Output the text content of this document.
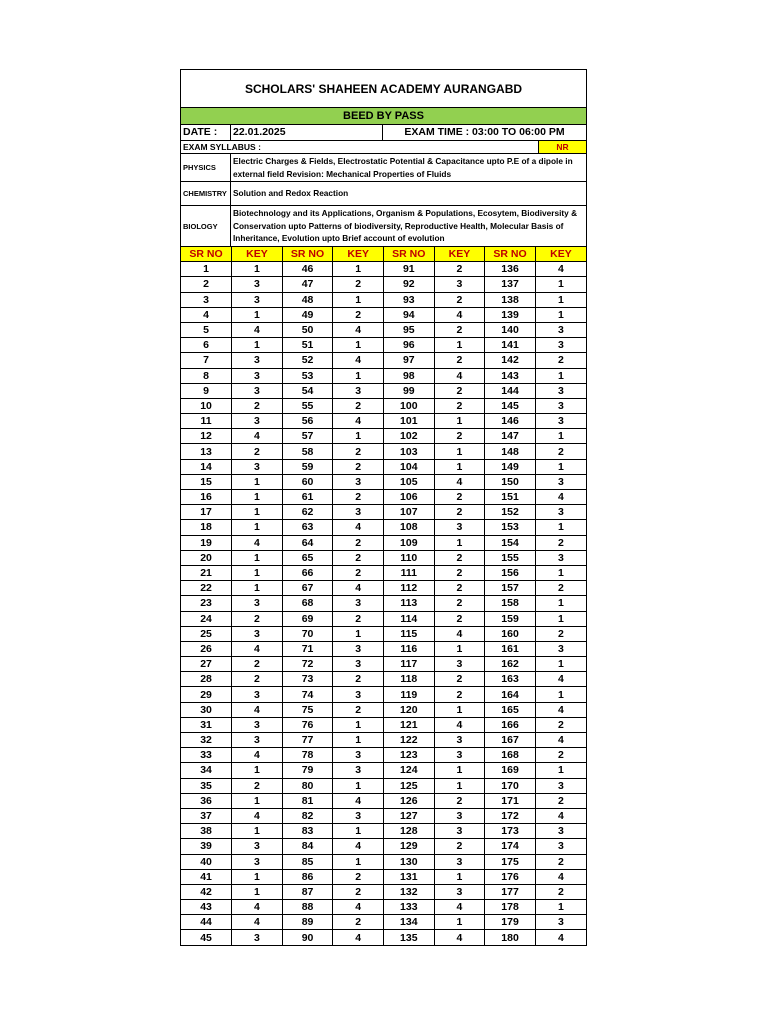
SCHOLARS' SHAHEEN ACADEMY AURANGABD
BEED BY PASS
DATE :	22.01.2025	EXAM TIME : 03:00 TO 06:00 PM
EXAM SYLLABUS :	NR
PHYSICS
Electric Charges & Fields, Electrostatic Potential & Capacitance upto P.E of a dipole in external field Revision: Mechanical Properties of Fluids
CHEMISTRY Solution and Redox Reaction
BIOLOGY
Biotechnology and its Applications, Organism & Populations, Ecosytem, Biodiversity & Conservation upto Patterns of biodiversity, Reproductive Health, Molecular Basis of Inheritance, Evolution upto Brief account of evolution
SR NO	KEY	SR NO	KEY	SR NO	KEY	SR NO	KEY
1	1	46	1	91	2	136	4
2	3	47	2	92	3	137	1
3	3	48	1	93	2	138	1
4	1	49	2	94	4	139	1
5	4	50	4	95	2	140	3
6	1	51	1	96	1	141	3
7	3	52	4	97	2	142	2
8	3	53	1	98	4	143	1
9	3	54	3	99	2	144	3
10	2	55	2	100	2	145	3
11	3	56	4	101	1	146	3
12	4	57	1	102	2	147	1
13	2	58	2	103	1	148	2
14	3	59	2	104	1	149	1
15	1	60	3	105	4	150	3
16	1	61	2	106	2	151	4
17	1	62	3	107	2	152	3
18	1	63	4	108	3	153	1
19	4	64	2	109	1	154	2
20	1	65	2	110	2	155	3
21	1	66	2	111	2	156	1
22	1	67	4	112	2	157	2
23	3	68	3	113	2	158	1
24	2	69	2	114	2	159	1
25	3	70	1	115	4	160	2
26	4	71	3	116	1	161	3
27	2	72	3	117	3	162	1
28	2	73	2	118	2	163	4
29	3	74	3	119	2	164	1
30	4	75	2	120	1	165	4
31	3	76	1	121	4	166	2
32	3	77	1	122	3	167	4
33	4	78	3	123	3	168	2
34	1	79	3	124	1	169	1
35	2	80	1	125	1	170	3
36	1	81	4	126	2	171	2
37	4	82	3	127	3	172	4
38	1	83	1	128	3	173	3
39	3	84	4	129	2	174	3
40	3	85	1	130	3	175	2
41	1	86	2	131	1	176	4
42	1	87	2	132	3	177	2
43	4	88	4	133	4	178	1
44	4	89	2	134	1	179	3
45	3	90	4	135	4	180	4
